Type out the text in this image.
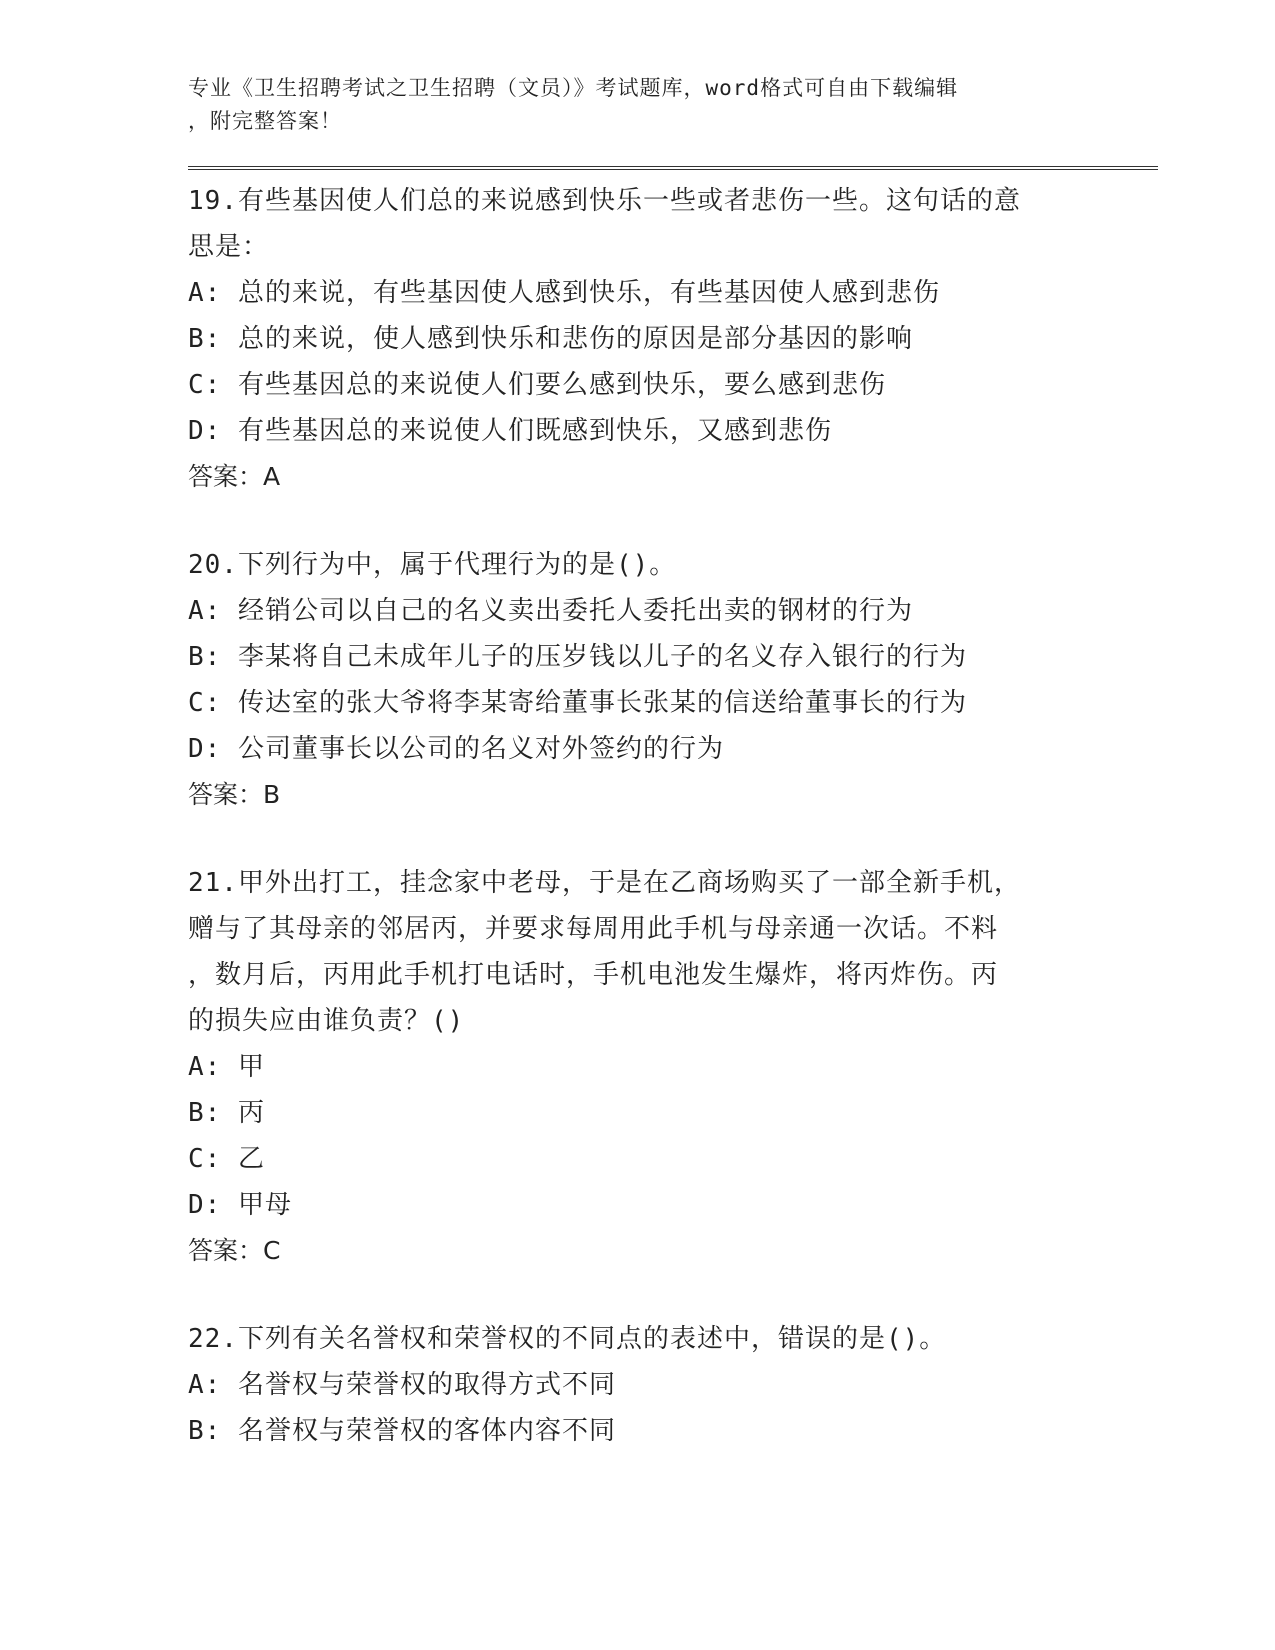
专业《卫生招聘考试之卫生招聘（文员）》考试题库，word格式可自由下载编辑
，附完整答案！
19.有些基因使人们总的来说感到快乐一些或者悲伤一些。这句话的意
思是：
A: 总的来说，有些基因使人感到快乐，有些基因使人感到悲伤
B: 总的来说，使人感到快乐和悲伤的原因是部分基因的影响
C: 有些基因总的来说使人们要么感到快乐，要么感到悲伤
D: 有些基因总的来说使人们既感到快乐，又感到悲伤
答案：A
20.下列行为中，属于代理行为的是()。
A: 经销公司以自己的名义卖出委托人委托出卖的钢材的行为
B: 李某将自己未成年儿子的压岁钱以儿子的名义存入银行的行为
C: 传达室的张大爷将李某寄给董事长张某的信送给董事长的行为
D: 公司董事长以公司的名义对外签约的行为
答案：B
21.甲外出打工，挂念家中老母，于是在乙商场购买了一部全新手机，
赠与了其母亲的邻居丙，并要求每周用此手机与母亲通一次话。不料
，数月后，丙用此手机打电话时，手机电池发生爆炸，将丙炸伤。丙
的损失应由谁负责？()
A: 甲
B: 丙
C: 乙
D: 甲母
答案：C
22.下列有关名誉权和荣誉权的不同点的表述中，错误的是()。
A: 名誉权与荣誉权的取得方式不同
B: 名誉权与荣誉权的客体内容不同
